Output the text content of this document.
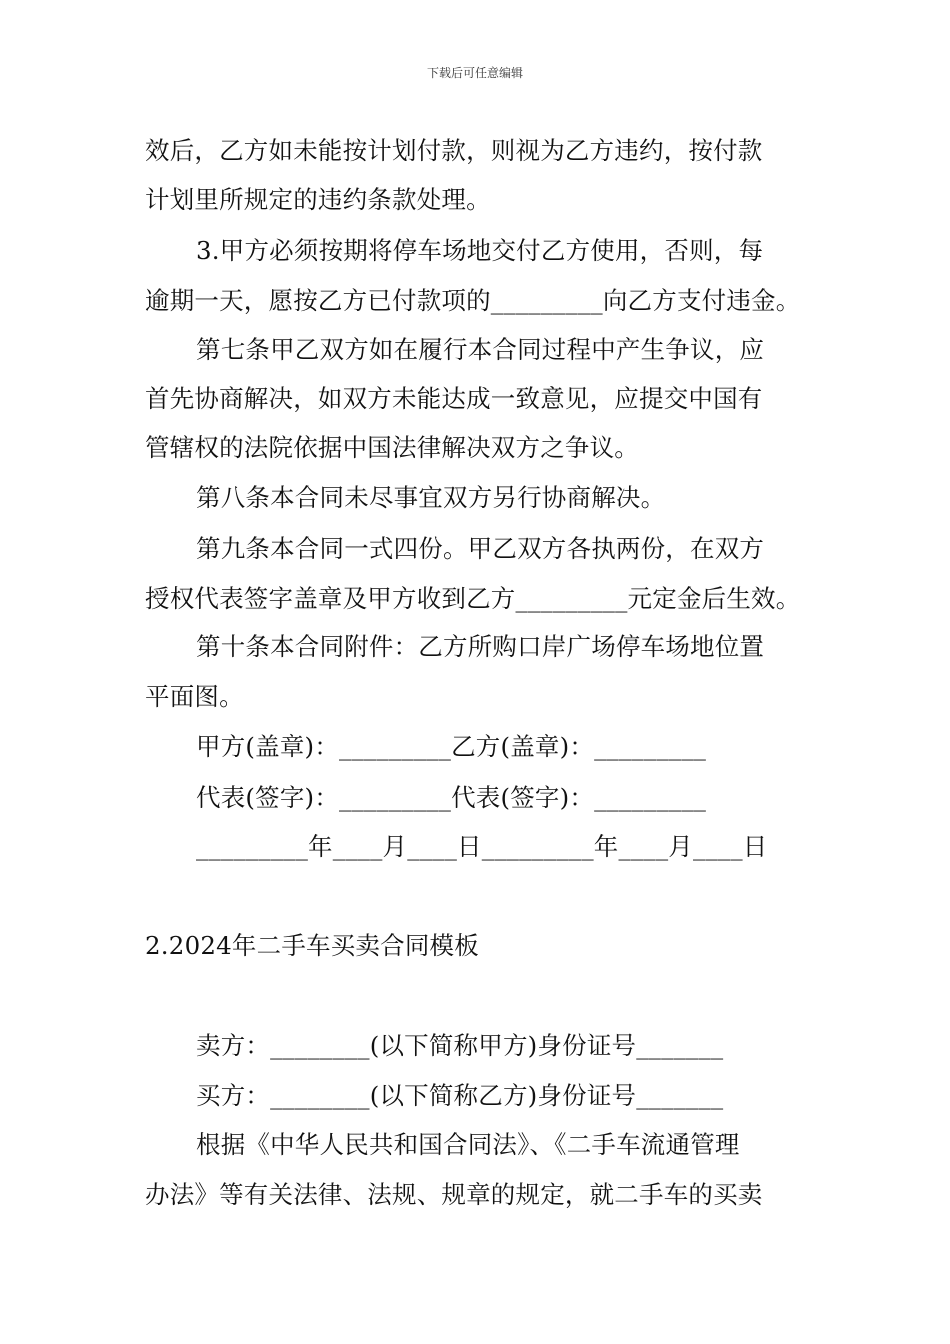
下载后可任意编辑
效后，乙方如未能按计划付款，则视为乙方违约，按付款
计划里所规定的违约条款处理。
3.甲方必须按期将停车场地交付乙方使用，否则，每
逾期一天，愿按乙方已付款项的_________向乙方支付违金。
第七条甲乙双方如在履行本合同过程中产生争议，应
首先协商解决，如双方未能达成一致意见，应提交中国有
管辖权的法院依据中国法律解决双方之争议。
第八条本合同未尽事宜双方另行协商解决。
第九条本合同一式四份。甲乙双方各执两份，在双方
授权代表签字盖章及甲方收到乙方_________元定金后生效。
第十条本合同附件：乙方所购口岸广场停车场地位置
平面图。
甲方(盖章)：_________乙方(盖章)：_________
代表(签字)：_________代表(签字)：_________
_________年____月____日_________年____月____日
2.2024年二手车买卖合同模板
卖方：________(以下简称甲方)身份证号_______
买方：________(以下简称乙方)身份证号_______
根据《中华人民共和国合同法》、《二手车流通管理
办法》等有关法律、法规、规章的规定，就二手车的买卖
